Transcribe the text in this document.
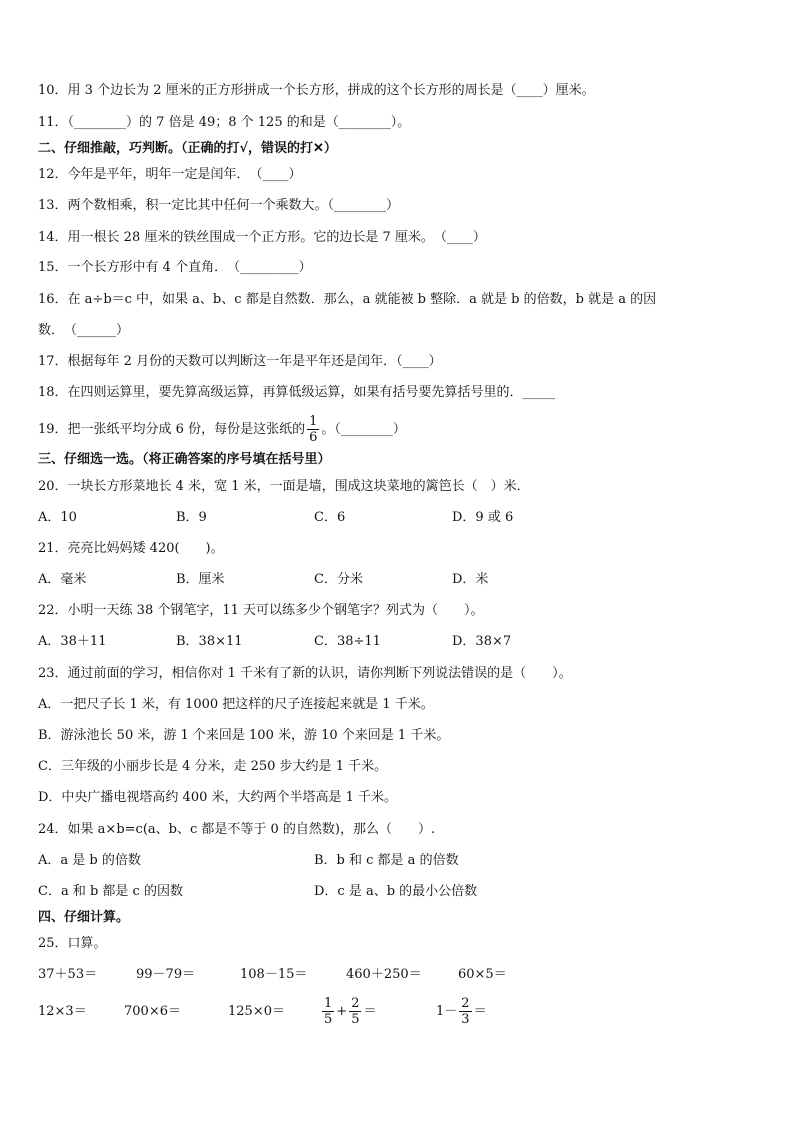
10．用 3 个边长为 2 厘米的正方形拼成一个长方形，拼成的这个长方形的周长是（____）厘米。
11．（________）的 7 倍是 49；8 个 125 的和是（________）。
二、仔细推敲，巧判断。（正确的打√，错误的打✕）
12．今年是平年，明年一定是闰年．　（____）
13．两个数相乘，积一定比其中任何一个乘数大。（________）
14．用一根长 28 厘米的铁丝围成一个正方形。它的边长是 7 厘米。　（____）
15．一个长方形中有 4 个直角．　（_________）
16．在 a÷b＝c 中，如果 a、b、c 都是自然数．那么，a 就能被 b 整除．a 就是 b 的倍数，b 就是 a 的因
数．　（______）
17．根据每年 2 月份的天数可以判断这一年是平年还是闰年．（____）
18．在四则运算里，要先算高级运算，再算低级运算，如果有括号要先算括号里的．_____
19．把一张纸平均分成 6 份，每份是这张纸的 $\frac{1}{6}$ 。（________）
三、仔细选一选。（将正确答案的序号填在括号里）
20．一块长方形菜地长 4 米，宽 1 米，一面是墙，围成这块菜地的篱笆长（　）米．
A．10	B．9	C．6	D．9 或 6
21．亮亮比妈妈矮 420(　　)。
A．毫米	B．厘米	C．分米	D．米
22．小明一天练 38 个钢笔字，11 天可以练多少个钢笔字？列式为（　　）。
A．38＋11	B．38×11	C．38÷11	D．38×7
23．通过前面的学习，相信你对 1 千米有了新的认识，请你判断下列说法错误的是（　　）。
A．一把尺子长 1 米，有 1000 把这样的尺子连接起来就是 1 千米。
B．游泳池长 50 米，游 1 个来回是 100 米，游 10 个来回是 1 千米。
C．三年级的小丽步长是 4 分米，走 250 步大约是 1 千米。
D．中央广播电视塔高约 400 米，大约两个半塔高是 1 千米。
24．如果 a×b=c(a、b、c 都是不等于 0 的自然数)，那么（　　）.
A．a 是 b 的倍数	B．b 和 c 都是 a 的倍数
C．a 和 b 都是 c 的因数	D．c 是 a、b 的最小公倍数
四、仔细计算。
25．口算。
37＋53＝	99－79＝	108－15＝	460＋250＝	60×5＝
12×3＝	700×6＝	125×0＝	$\frac{1}{5} + \frac{2}{5}$ ＝	$1- \frac{2}{3}$ ＝
